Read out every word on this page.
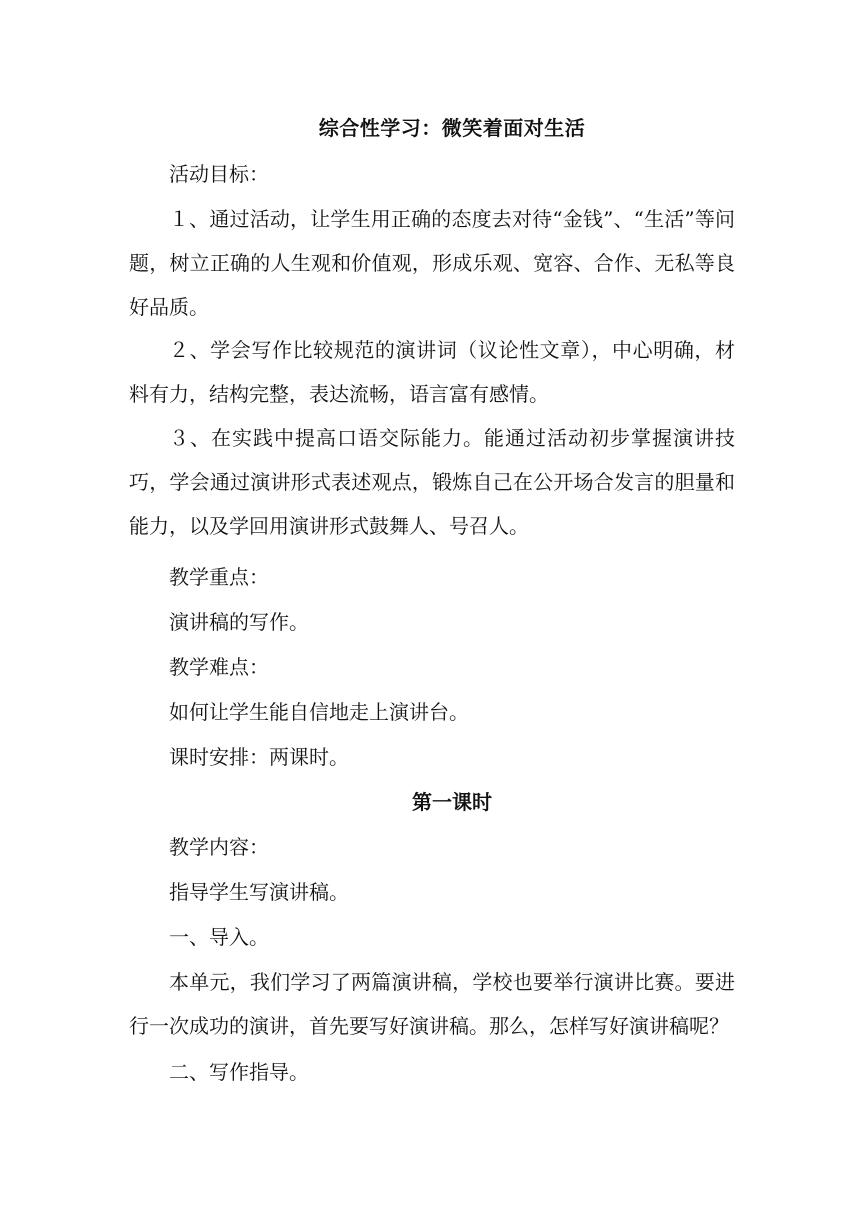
综合性学习：微笑着面对生活

活动目标：

１、通过活动，让学生用正确的态度去对待“金钱”、“生活”等问题，树立正确的人生观和价值观，形成乐观、宽容、合作、无私等良好品质。

２、学会写作比较规范的演讲词（议论性文章），中心明确，材料有力，结构完整，表达流畅，语言富有感情。

３、在实践中提高口语交际能力。能通过活动初步掌握演讲技巧，学会通过演讲形式表述观点，锻炼自己在公开场合发言的胆量和能力，以及学回用演讲形式鼓舞人、号召人。

教学重点：

演讲稿的写作。

教学难点：

如何让学生能自信地走上演讲台。

课时安排：两课时。

第一课时

教学内容：

指导学生写演讲稿。

一、导入。

本单元，我们学习了两篇演讲稿，学校也要举行演讲比赛。要进行一次成功的演讲，首先要写好演讲稿。那么，怎样写好演讲稿呢？

二、写作指导。
